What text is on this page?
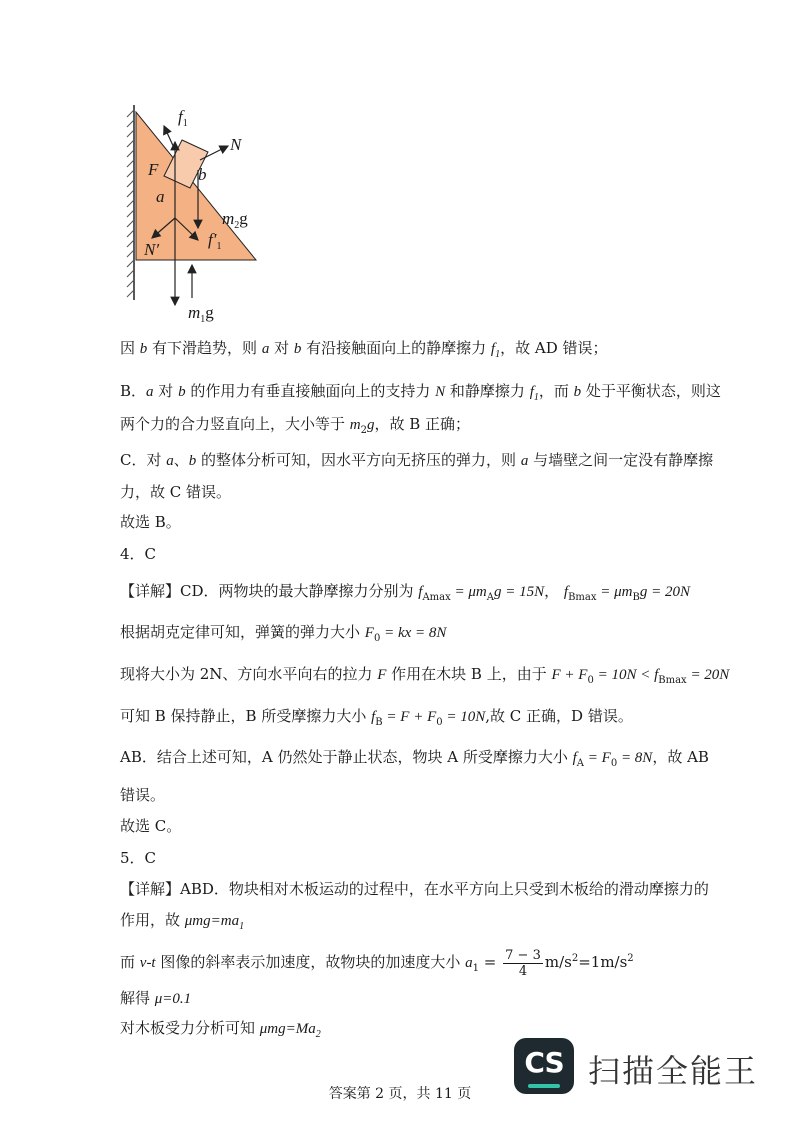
$f_1$
N
F
a
b
$m_2g$
N′
$f'_1$
$m_1g$
因 b 有下滑趋势，则 a 对 b 有沿接触面向上的静摩擦力 $f_1$，故 AD 错误；
B．a 对 b 的作用力有垂直接触面向上的支持力 N 和静摩擦力 $f_1$，而 b 处于平衡状态，则这
两个力的合力竖直向上，大小等于 $m_2g$，故 B 正确；
C．对 a、b 的整体分析可知，因水平方向无挤压的弹力，则 a 与墙壁之间一定没有静摩擦
力，故 C 错误。
故选 B。
4．C
【详解】CD．两物块的最大静摩擦力分别为 $f_{Amax} = \mu m_Ag = 15N$， $f_{Bmax} = \mu m_Bg = 20N$
根据胡克定律可知，弹簧的弹力大小 $F_0$ = kx = 8N
现将大小为 2N、方向水平向右的拉力 F 作用在木块 B 上，由于 $F + F_0 = 10N < f_{Bmax} = 20N$
可知 B 保持静止，B 所受摩擦力大小 $f_B = F + F_0 = 10N$,故 C 正确，D 错误。
AB．结合上述可知，A 仍然处于静止状态，物块 A 所受摩擦力大小 $f_A = F_0 = 8N$，故 AB
错误。
故选 C。
5．C
【详解】ABD．物块相对木板运动的过程中，在水平方向上只受到木板给的滑动摩擦力的
作用，故 $\mu mg=ma_1$
而 v-t 图像的斜率表示加速度，故物块的加速度大小 $a_1 = \frac{7 - 3}{4} m/s^2=1m/s^2$
解得 μ=0.1
对木板受力分析可知 $\mu mg=Ma_2$
CS 扫描全能王
答案第 2 页，共 11 页
